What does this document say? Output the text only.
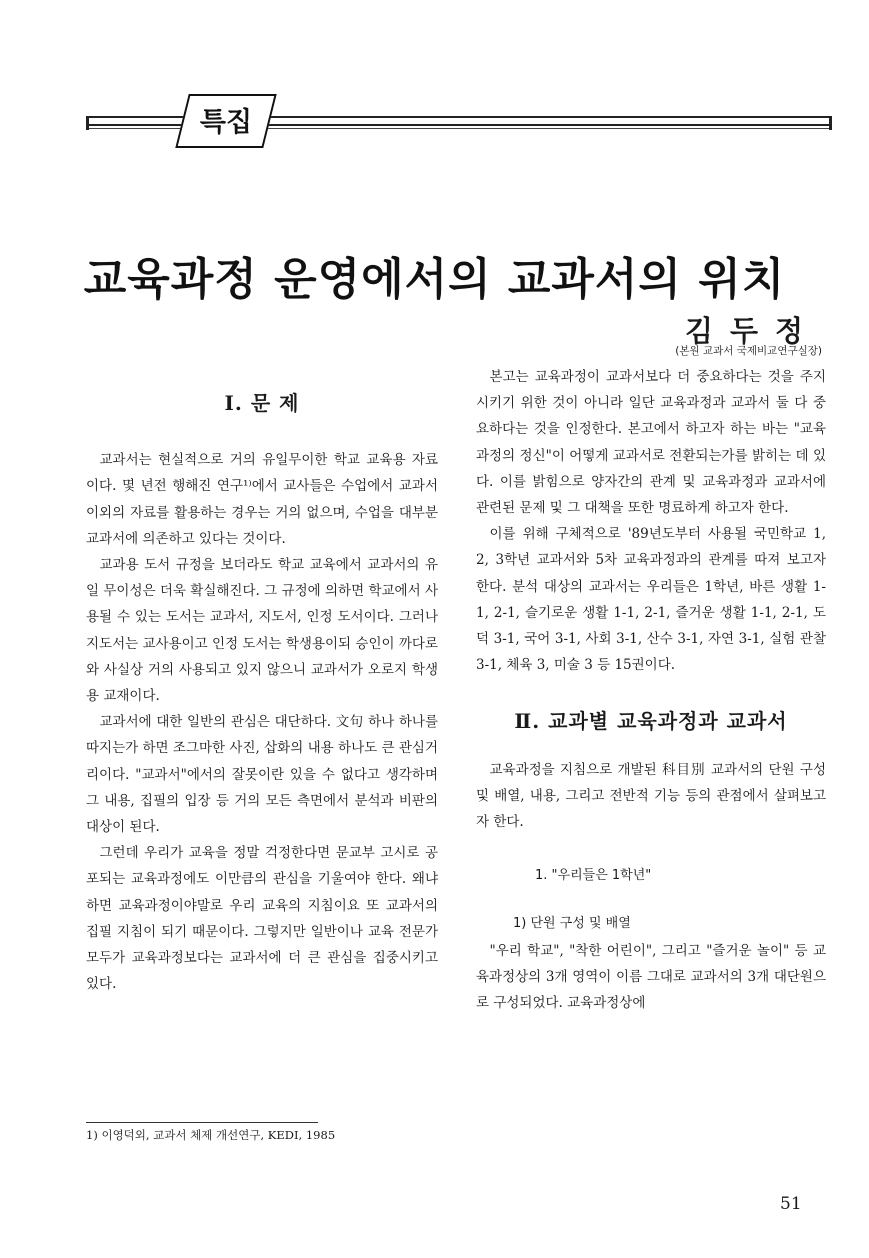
특집
교육과정 운영에서의 교과서의 위치
김두정
(본원 교과서 국제비교연구실장)
Ⅰ. 문 제

교과서는 현실적으로 거의 유일무이한 학교 교육용 자료이다. 몇 년전 행해진 연구¹⁾에서 교사들은 수업에서 교과서 이외의 자료를 활용하는 경우는 거의 없으며, 수업을 대부분 교과서에 의존하고 있다는 것이다.

교과용 도서 규정을 보더라도 학교 교육에서 교과서의 유일 무이성은 더욱 확실해진다. 그 규정에 의하면 학교에서 사용될 수 있는 도서는 교과서, 지도서, 인정 도서이다. 그러나 지도서는 교사용이고 인정 도서는 학생용이되 승인이 까다로와 사실상 거의 사용되고 있지 않으니 교과서가 오로지 학생용 교재이다.

교과서에 대한 일반의 관심은 대단하다. 文句 하나 하나를 따지는가 하면 조그마한 사진, 삽화의 내용 하나도 큰 관심거리이다. "교과서"에서의 잘못이란 있을 수 없다고 생각하며 그 내용, 집필의 입장 등 거의 모든 측면에서 분석과 비판의 대상이 된다.

그런데 우리가 교육을 정말 걱정한다면 문교부 고시로 공포되는 교육과정에도 이만큼의 관심을 기울여야 한다. 왜냐하면 교육과정이야말로 우리 교육의 지침이요 또 교과서의 집필 지침이 되기 때문이다. 그렇지만 일반이나 교육 전문가 모두가 교육과정보다는 교과서에 더 큰 관심을 집중시키고 있다.

본고는 교육과정이 교과서보다 더 중요하다는 것을 주지시키기 위한 것이 아니라 일단 교육과정과 교과서 둘 다 중요하다는 것을 인정한다. 본고에서 하고자 하는 바는 "교육과정의 정신"이 어떻게 교과서로 전환되는가를 밝히는 데 있다. 이를 밝힘으로 양자간의 관계 및 교육과정과 교과서에 관련된 문제 및 그 대책을 또한 명료하게 하고자 한다.

이를 위해 구체적으로 '89년도부터 사용될 국민학교 1, 2, 3학년 교과서와 5차 교육과정과의 관계를 따져 보고자 한다. 분석 대상의 교과서는 우리들은 1학년, 바른 생활 1-1, 2-1, 슬기로운 생활 1-1, 2-1, 즐거운 생활 1-1, 2-1, 도덕 3-1, 국어 3-1, 사회 3-1, 산수 3-1, 자연 3-1, 실험 관찰 3-1, 체육 3, 미술 3 등 15권이다.

Ⅱ. 교과별 교육과정과 교과서

교육과정을 지침으로 개발된 科目別 교과서의 단원 구성 및 배열, 내용, 그리고 전반적 기능 등의 관점에서 살펴보고자 한다.

1. "우리들은 1학년"

1) 단원 구성 및 배열

"우리 학교", "착한 어린이", 그리고 "즐거운 놀이" 등 교육과정상의 3개 영역이 이름 그대로 교과서의 3개 대단원으로 구성되었다. 교육과정상에

1) 이영덕외, 교과서 체제 개선연구, KEDI, 1985
51
